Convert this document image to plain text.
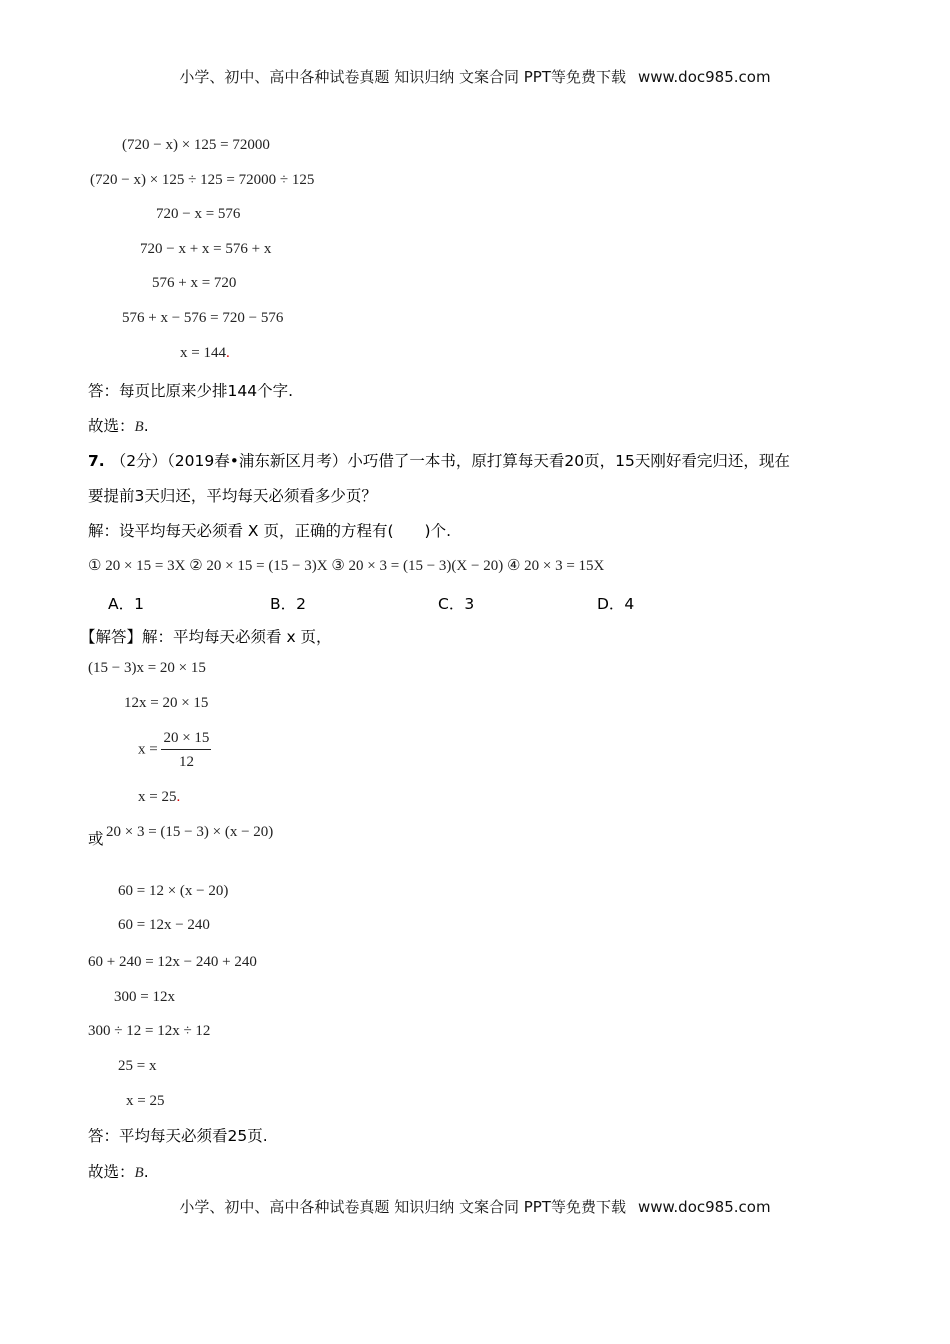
小学、初中、高中各种试卷真题 知识归纳 文案合同 PPT等免费下载 www.doc985.com
(720 − x) × 125 = 72000
(720 − x) × 125 ÷ 125 = 72000 ÷ 125
720 − x = 576
720 − x + x = 576 + x
576 + x = 720
576 + x − 576 = 720 − 576
x = 144.
答：每页比原来少排144个字.
故选：B.
7. （2分）（2019春•浦东新区月考）小巧借了一本书，原打算每天看20页，15天刚好看完归还，现在
要提前3天归还，平均每天必须看多少页？
解：设平均每天必须看 X 页，正确的方程有(　　)个.
① 20 × 15 = 3X ② 20 × 15 = (15 − 3)X ③ 20 × 3 = (15 − 3)(X − 20) ④ 20 × 3 = 15X
A．1	B．2	C．3	D．4
【解答】解：平均每天必须看 x 页，
(15 − 3)x = 20 × 15
12x = 20 × 15
$x = \frac{20 \times 15}{12}$
x = 25.
或 20 × 3 = (15 − 3) × (x − 20)
60 = 12 × (x − 20)
60 = 12x − 240
60 + 240 = 12x − 240 + 240
300 = 12x
300 ÷ 12 = 12x ÷ 12
25 = x
x = 25
答：平均每天必须看25页.
故选：B.
小学、初中、高中各种试卷真题 知识归纳 文案合同 PPT等免费下载 www.doc985.com
